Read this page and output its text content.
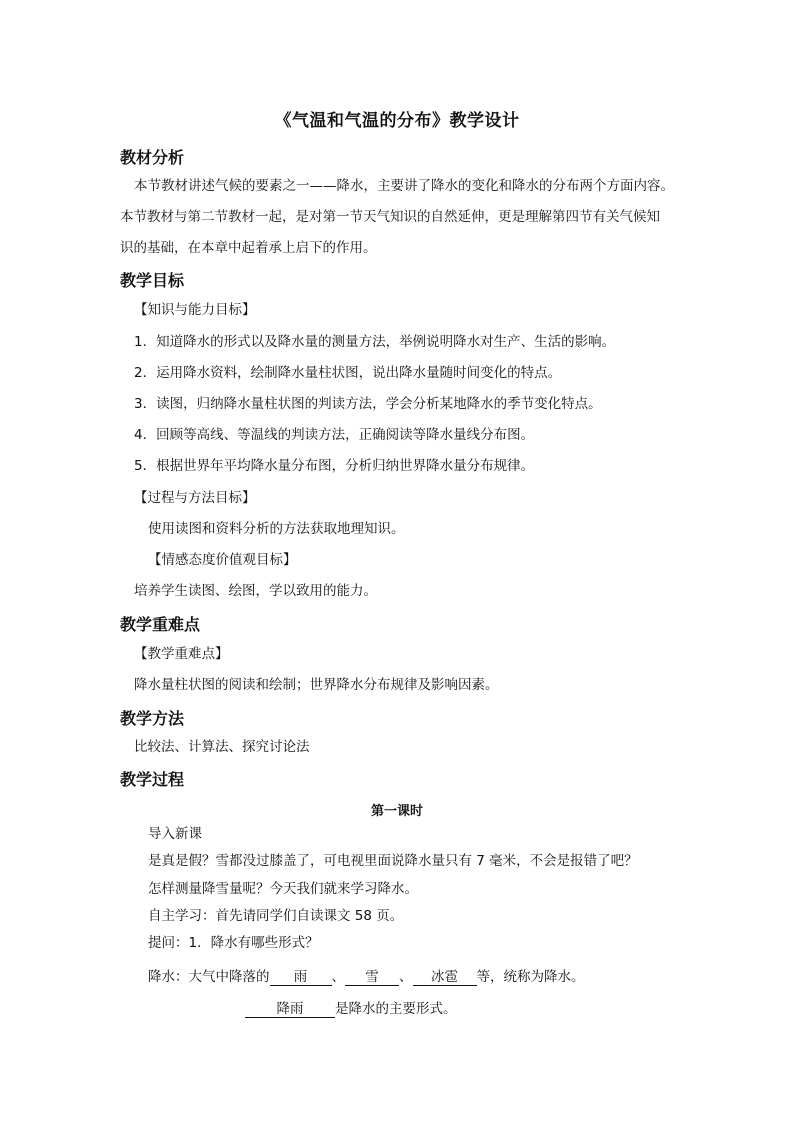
《气温和气温的分布》教学设计
教材分析
本节教材讲述气候的要素之一——降水，主要讲了降水的变化和降水的分布两个方面内容。
本节教材与第二节教材一起，是对第一节天气知识的自然延伸，更是理解第四节有关气候知
识的基础，在本章中起着承上启下的作用。
教学目标
【知识与能力目标】
1．知道降水的形式以及降水量的测量方法，举例说明降水对生产、生活的影响。
2．运用降水资料，绘制降水量柱状图，说出降水量随时间变化的特点。
3．读图，归纳降水量柱状图的判读方法，学会分析某地降水的季节变化特点。
4．回顾等高线、等温线的判读方法，正确阅读等降水量线分布图。
5．根据世界年平均降水量分布图，分析归纳世界降水量分布规律。
【过程与方法目标】
使用读图和资料分析的方法获取地理知识。
【情感态度价值观目标】
培养学生读图、绘图，学以致用的能力。
教学重难点
【教学重难点】
降水量柱状图的阅读和绘制；世界降水分布规律及影响因素。
教学方法
比较法、计算法、探究讨论法
教学过程
第一课时
导入新课
是真是假？雪都没过膝盖了，可电视里面说降水量只有 7 毫米，不会是报错了吧？
怎样测量降雪量呢？今天我们就来学习降水。
自主学习：首先请同学们自读课文 58 页。
提问：1．降水有哪些形式？
降水：大气中降落的 雨 、 雪 、 冰雹 等，统称为降水。
降雨 是降水的主要形式。
